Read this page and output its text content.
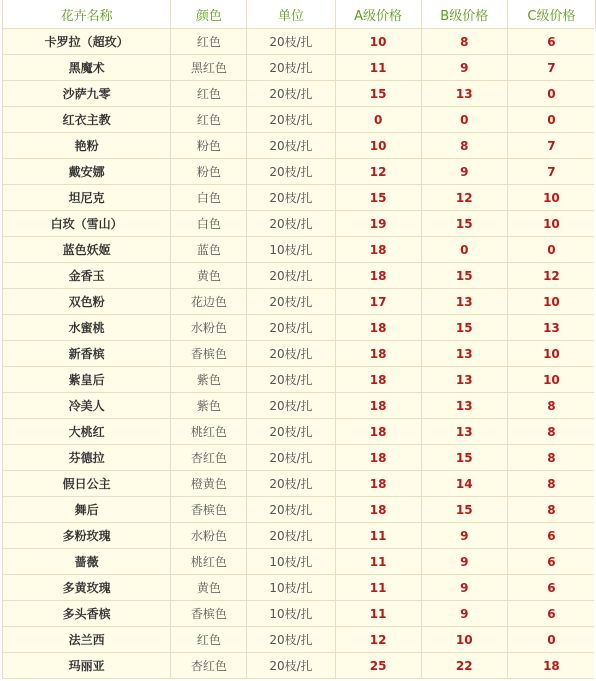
花卉名称	颜色	单位	A级价格	B级价格	C级价格
卡罗拉（超玫）	红色	20枝/扎	10	8	6
黑魔术	黑红色	20枝/扎	11	9	7
沙萨九零	红色	20枝/扎	15	13	0
红衣主教	红色	20枝/扎	0	0	0
艳粉	粉色	20枝/扎	10	8	7
戴安娜	粉色	20枝/扎	12	9	7
坦尼克	白色	20枝/扎	15	12	10
白玫（雪山）	白色	20枝/扎	19	15	10
蓝色妖姬	蓝色	10枝/扎	18	0	0
金香玉	黄色	20枝/扎	18	15	12
双色粉	花边色	20枝/扎	17	13	10
水蜜桃	水粉色	20枝/扎	18	15	13
新香槟	香槟色	20枝/扎	18	13	10
紫皇后	紫色	20枝/扎	18	13	10
冷美人	紫色	20枝/扎	18	13	8
大桃红	桃红色	20枝/扎	18	13	8
芬德拉	杏红色	20枝/扎	18	15	8
假日公主	橙黄色	20枝/扎	18	14	8
舞后	香槟色	20枝/扎	18	15	8
多粉玫瑰	水粉色	20枝/扎	11	9	6
蔷薇	桃红色	10枝/扎	11	9	6
多黄玫瑰	黄色	10枝/扎	11	9	6
多头香槟	香槟色	10枝/扎	11	9	6
法兰西	红色	20枝/扎	12	10	0
玛丽亚	杏红色	20枝/扎	25	22	18
